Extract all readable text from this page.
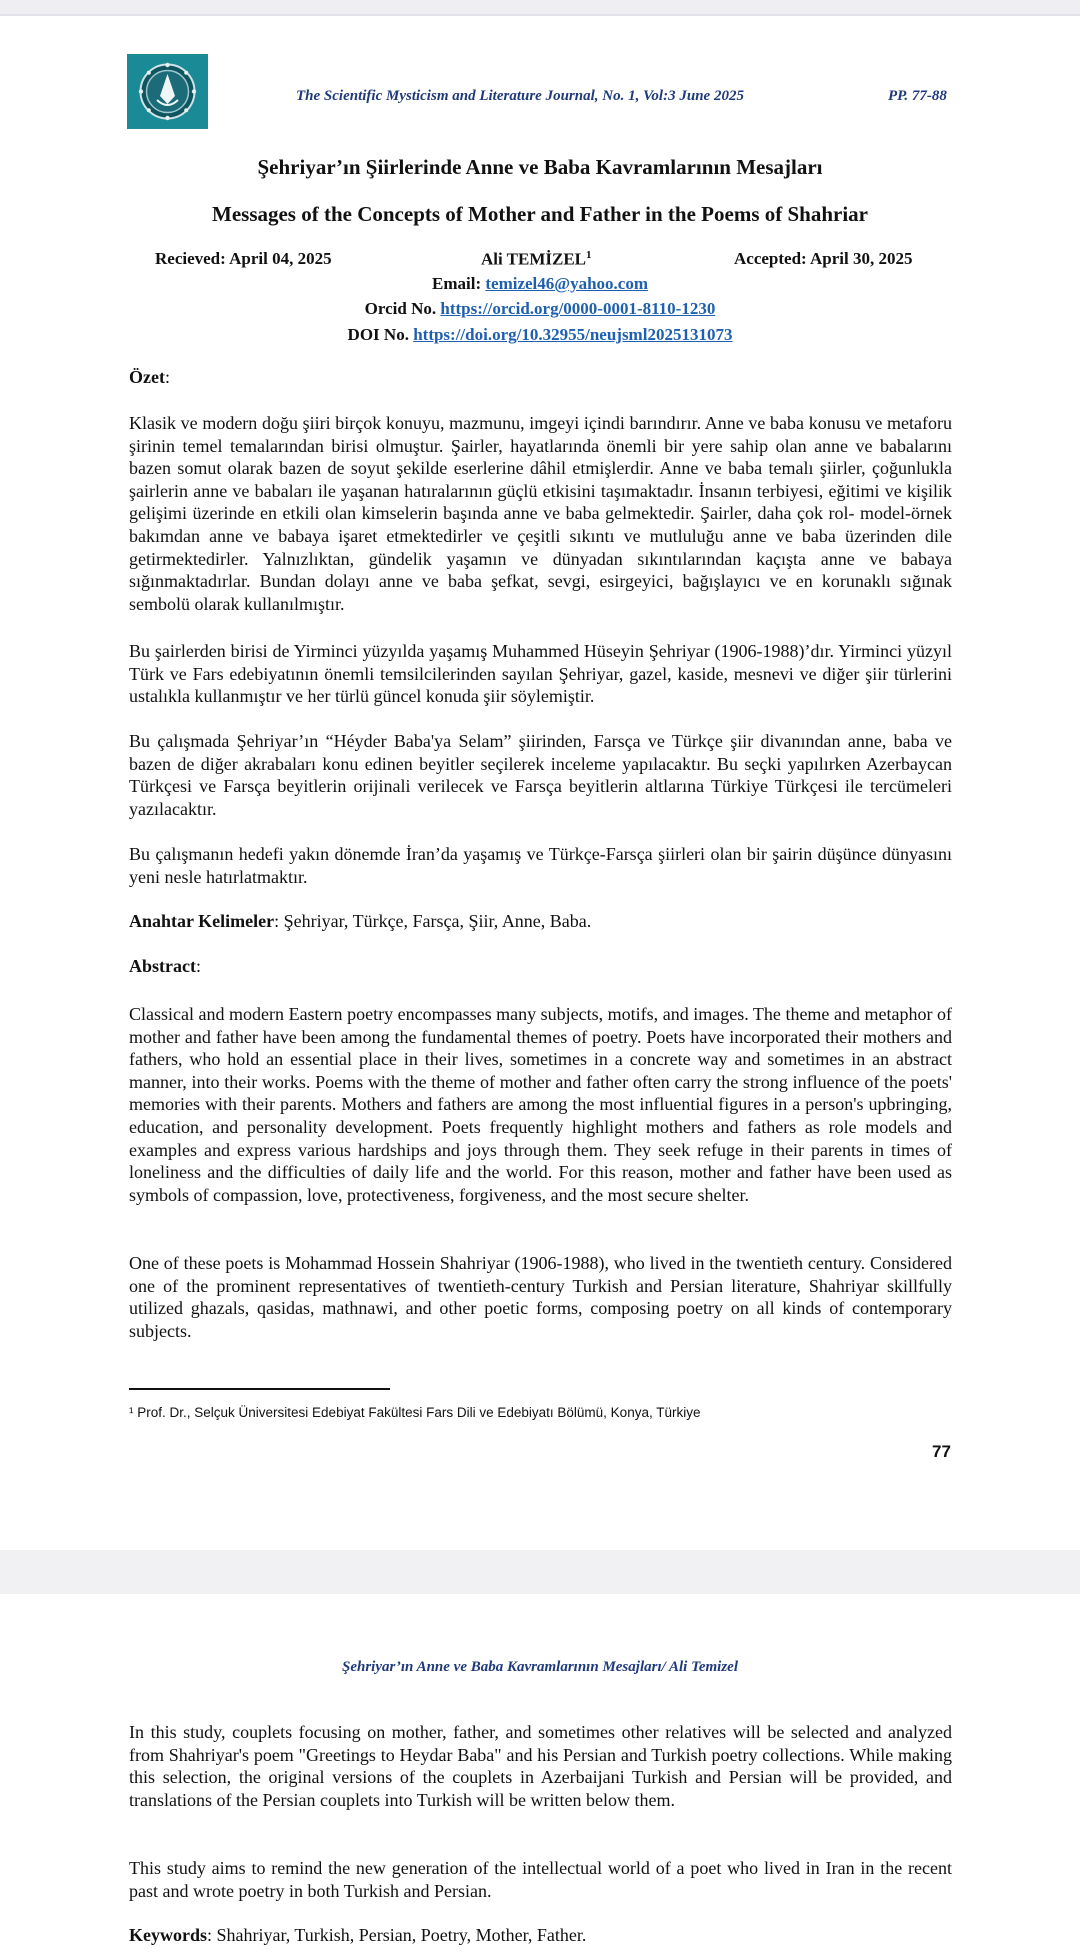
The Scientific Mysticism and Literature Journal, No. 1, Vol:3 June 2025	PP. 77-88
Şehriyar’ın Şiirlerinde Anne ve Baba Kavramlarının Mesajları
Messages of the Concepts of Mother and Father in the Poems of Shahriar
Recieved: April 04, 2025	Ali TEMİZEL$^1$	Accepted: April 30, 2025
Email: temizel46@yahoo.com
Orcid No. https://orcid.org/0000-0001-8110-1230
DOI No. https://doi.org/10.32955/neujsml2025131073
Özet:

Klasik ve modern doğu şiiri birçok konuyu, mazmunu, imgeyi içindi barındırır. Anne ve baba konusu ve metaforu şirinin temel temalarından birisi olmuştur. Şairler, hayatlarında önemli bir yere sahip olan anne ve babalarını bazen somut olarak bazen de soyut şekilde eserlerine dâhil etmişlerdir. Anne ve baba temalı şiirler, çoğunlukla şairlerin anne ve babaları ile yaşanan hatıralarının güçlü etkisini taşımaktadır. İnsanın terbiyesi, eğitimi ve kişilik gelişimi üzerinde en etkili olan kimselerin başında anne ve baba gelmektedir. Şairler, daha çok rol- model-örnek bakımdan anne ve babaya işaret etmektedirler ve çeşitli sıkıntı ve mutluluğu anne ve baba üzerinden dile getirmektedirler. Yalnızlıktan, gündelik yaşamın ve dünyadan sıkıntılarından kaçışta anne ve babaya sığınmaktadırlar. Bundan dolayı anne ve baba şefkat, sevgi, esirgeyici, bağışlayıcı ve en korunaklı sığınak sembolü olarak kullanılmıştır.

Bu şairlerden birisi de Yirminci yüzyılda yaşamış Muhammed Hüseyin Şehriyar (1906-1988)’dır. Yirminci yüzyıl Türk ve Fars edebiyatının önemli temsilcilerinden sayılan Şehriyar, gazel, kaside, mesnevi ve diğer şiir türlerini ustalıkla kullanmıştır ve her türlü güncel konuda şiir söylemiştir.

Bu çalışmada Şehriyar’ın “Héyder Baba'ya Selam” şiirinden, Farsça ve Türkçe şiir divanından anne, baba ve bazen de diğer akrabaları konu edinen beyitler seçilerek inceleme yapılacaktır. Bu seçki yapılırken Azerbaycan Türkçesi ve Farsça beyitlerin orijinali verilecek ve Farsça beyitlerin altlarına Türkiye Türkçesi ile tercümeleri yazılacaktır.

Bu çalışmanın hedefi yakın dönemde İran’da yaşamış ve Türkçe-Farsça şiirleri olan bir şairin düşünce dünyasını yeni nesle hatırlatmaktır.

Anahtar Kelimeler: Şehriyar, Türkçe, Farsça, Şiir, Anne, Baba.
Abstract:

Classical and modern Eastern poetry encompasses many subjects, motifs, and images. The theme and metaphor of mother and father have been among the fundamental themes of poetry. Poets have incorporated their mothers and fathers, who hold an essential place in their lives, sometimes in a concrete way and sometimes in an abstract manner, into their works. Poems with the theme of mother and father often carry the strong influence of the poets' memories with their parents. Mothers and fathers are among the most influential figures in a person's upbringing, education, and personality development. Poets frequently highlight mothers and fathers as role models and examples and express various hardships and joys through them. They seek refuge in their parents in times of loneliness and the difficulties of daily life and the world. For this reason, mother and father have been used as symbols of compassion, love, protectiveness, forgiveness, and the most secure shelter.

One of these poets is Mohammad Hossein Shahriyar (1906-1988), who lived in the twentieth century. Considered one of the prominent representatives of twentieth-century Turkish and Persian literature, Shahriyar skillfully utilized ghazals, qasidas, mathnawi, and other poetic forms, composing poetry on all kinds of contemporary subjects.

¹ Prof. Dr., Selçuk Üniversitesi Edebiyat Fakültesi Fars Dili ve Edebiyatı Bölümü, Konya, Türkiye
77
Şehriyar’ın Anne ve Baba Kavramlarının Mesajları/ Ali Temizel

In this study, couplets focusing on mother, father, and sometimes other relatives will be selected and analyzed from Shahriyar's poem "Greetings to Heydar Baba" and his Persian and Turkish poetry collections. While making this selection, the original versions of the couplets in Azerbaijani Turkish and Persian will be provided, and translations of the Persian couplets into Turkish will be written below them.

This study aims to remind the new generation of the intellectual world of a poet who lived in Iran in the recent past and wrote poetry in both Turkish and Persian.

Keywords: Shahriyar, Turkish, Persian, Poetry, Mother, Father.
